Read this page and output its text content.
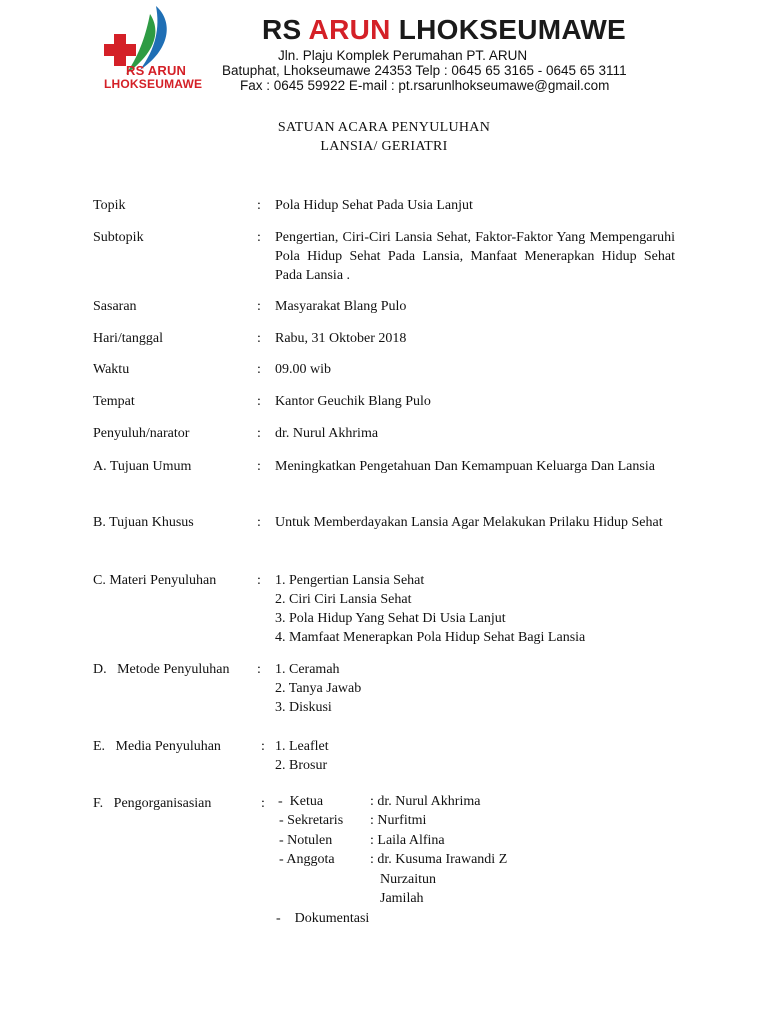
RS ARUN
LHOKSEUMAWE
RS ARUN LHOKSEUMAWE
Jln. Plaju Komplek Perumahan PT. ARUN
Batuphat, Lhokseumawe 24353 Telp : 0645 65 3165 - 0645 65 3111
Fax : 0645 59922 E-mail : pt.rsarunlhokseumawe@gmail.com
SATUAN ACARA PENYULUHAN
LANSIA/ GERIATRI
Topik	: Pola Hidup Sehat Pada Usia Lanjut
Subtopik	: Pengertian, Ciri-Ciri Lansia Sehat, Faktor-Faktor Yang Mempengaruhi Pola Hidup Sehat Pada Lansia, Manfaat Menerapkan Hidup Sehat Pada Lansia .
Sasaran	: Masyarakat Blang Pulo
Hari/tanggal	: Rabu, 31 Oktober 2018
Waktu	: 09.00 wib
Tempat	: Kantor Geuchik Blang Pulo
Penyuluh/narator	: dr. Nurul Akhrima
A. Tujuan Umum	: Meningkatkan Pengetahuan Dan Kemampuan Keluarga Dan Lansia
B. Tujuan Khusus	: Untuk Memberdayakan Lansia Agar Melakukan Prilaku Hidup Sehat
C. Materi Penyuluhan	: 1. Pengertian Lansia Sehat
2. Ciri Ciri Lansia Sehat
3. Pola Hidup Yang Sehat Di Usia Lanjut
4. Mamfaat Menerapkan Pola Hidup Sehat Bagi Lansia
D.   Metode Penyuluhan : 1. Ceramah
2. Tanya Jawab
3. Diskusi
E.   Media Penyuluhan	: 1. Leaflet
2. Brosur
F.   Pengorganisasian	: -  Ketua	: dr. Nurul Akhrima
- Sekretaris : Nurfitmi
- Notulen	: Laila Alfina
- Anggota	: dr. Kusuma Irawandi Z
Nurzaitun
Jamilah
-    Dokumentasi
